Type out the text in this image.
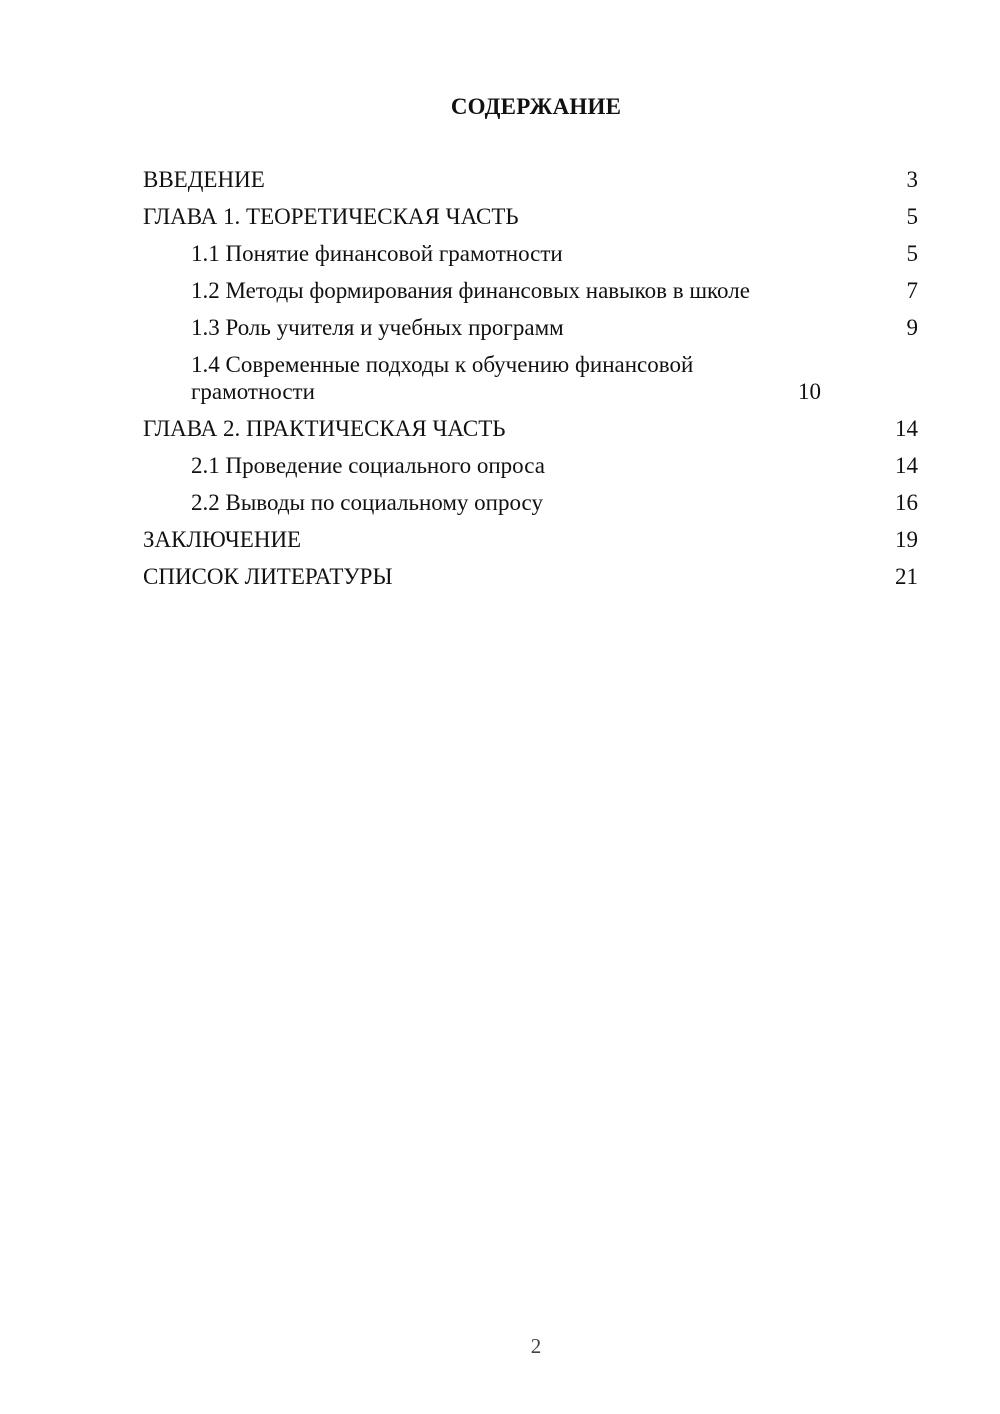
СОДЕРЖАНИЕ
ВВЕДЕНИЕ	3
ГЛАВА 1. ТЕОРЕТИЧЕСКАЯ ЧАСТЬ	5
1.1 Понятие финансовой грамотности	5
1.2 Методы формирования финансовых навыков в школе	7
1.3 Роль учителя и учебных программ	9
1.4 Современные подходы к обучению финансовой грамотности	10
ГЛАВА 2. ПРАКТИЧЕСКАЯ ЧАСТЬ	14
2.1 Проведение социального опроса	14
2.2 Выводы по социальному опросу	16
ЗАКЛЮЧЕНИЕ	19
СПИСОК ЛИТЕРАТУРЫ	21
2
